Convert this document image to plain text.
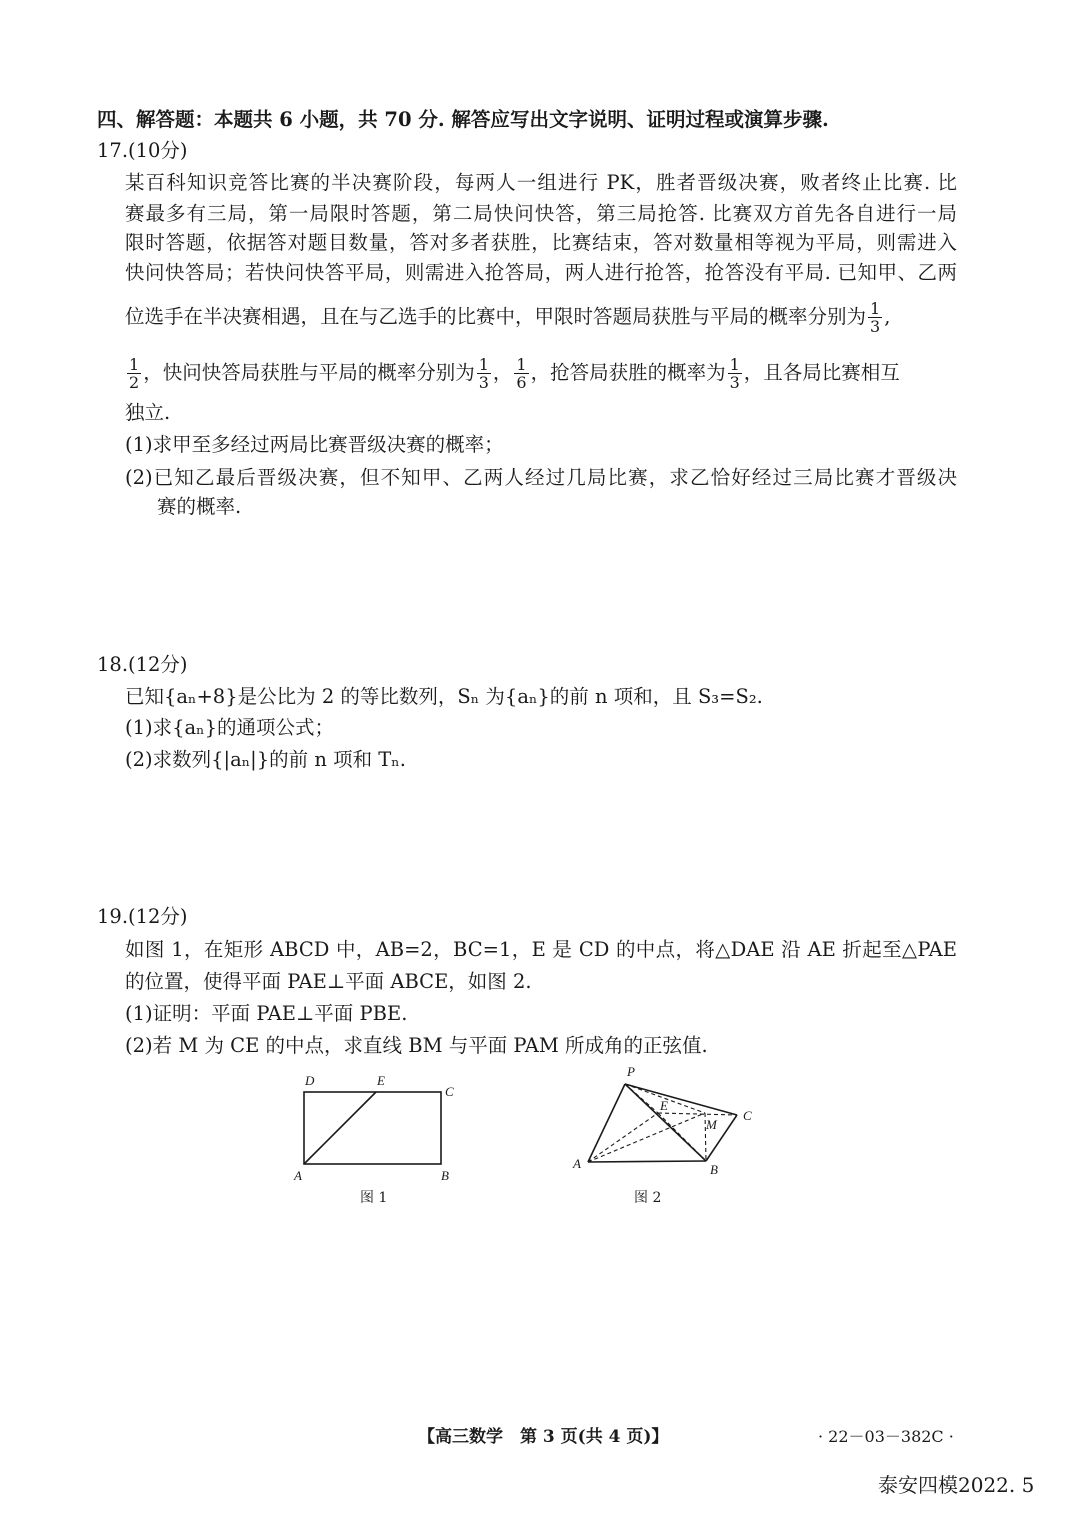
四、解答题：本题共 6 小题，共 70 分. 解答应写出文字说明、证明过程或演算步骤.
17.(10分)
某百科知识竞答比赛的半决赛阶段，每两人一组进行 PK，胜者晋级决赛，败者终止比赛. 比
赛最多有三局，第一局限时答题，第二局快问快答，第三局抢答. 比赛双方首先各自进行一局
限时答题，依据答对题目数量，答对多者获胜，比赛结束，答对数量相等视为平局，则需进入
快问快答局；若快问快答平局，则需进入抢答局，两人进行抢答，抢答没有平局. 已知甲、乙两
位选手在半决赛相遇，且在与乙选手的比赛中，甲限时答题局获胜与平局的概率分别为 $\frac{1}{3}$ ,
$\frac{1}{2}$ ，快问快答局获胜与平局的概率分别为 $\frac{1}{3}$ ， $\frac{1}{6}$ ，抢答局获胜的概率为 $\frac{1}{3}$ ，且各局比赛相互
独立.
(1)求甲至多经过两局比赛晋级决赛的概率；
(2)已知乙最后晋级决赛，但不知甲、乙两人经过几局比赛，求乙恰好经过三局比赛才晋级决
赛的概率.
18.(12分)
已知{aₙ+8}是公比为 2 的等比数列，Sₙ 为{aₙ}的前 n 项和，且 S₃=S₂.
(1)求{aₙ}的通项公式；
(2)求数列{|aₙ|}的前 n 项和 Tₙ.
19.(12分)
如图 1，在矩形 ABCD 中，AB=2，BC=1，E 是 CD 的中点，将△DAE 沿 AE 折起至△PAE
的位置，使得平面 PAE⊥平面 ABCE，如图 2.
(1)证明：平面 PAE⊥平面 PBE.
(2)若 M 为 CE 的中点，求直线 BM 与平面 PAM 所成角的正弦值.
D	E
C
A	B
图 1
P
E
M
C
A	B
图 2
【高三数学　第 3 页(共 4 页)】	· 22－03－382C ·
泰安四模2022. 5
